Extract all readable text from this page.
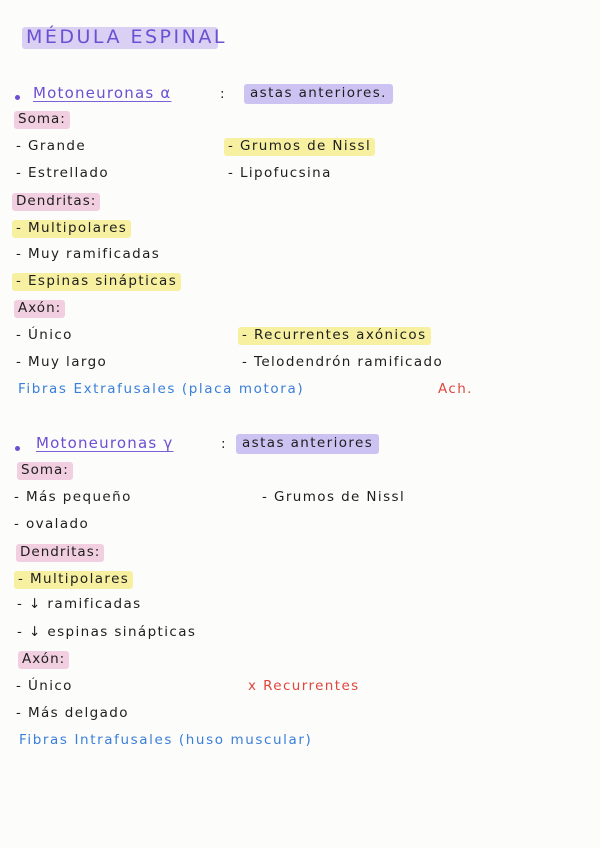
MÉDULA ESPINAL
Motoneuronas α	:	astas anteriores.
Soma:
- Grande
- Estrellado
- Grumos de Nissl
- Lipofucsina
Dendritas:
- Multipolares
- Muy ramificadas
- Espinas sinápticas
Axón:
- Único
- Muy largo
- Recurrentes axónicos
- Telodendrón ramificado
Fibras Extrafusales (placa motora)	Ach.
Motoneuronas γ	:	astas anteriores
Soma:
- Más pequeño
- ovalado
- Grumos de Nissl
Dendritas:
- Multipolares
- ↓ ramificadas
- ↓ espinas sinápticas
Axón:
- Único
- Más delgado
x Recurrentes
Fibras Intrafusales (huso muscular)
